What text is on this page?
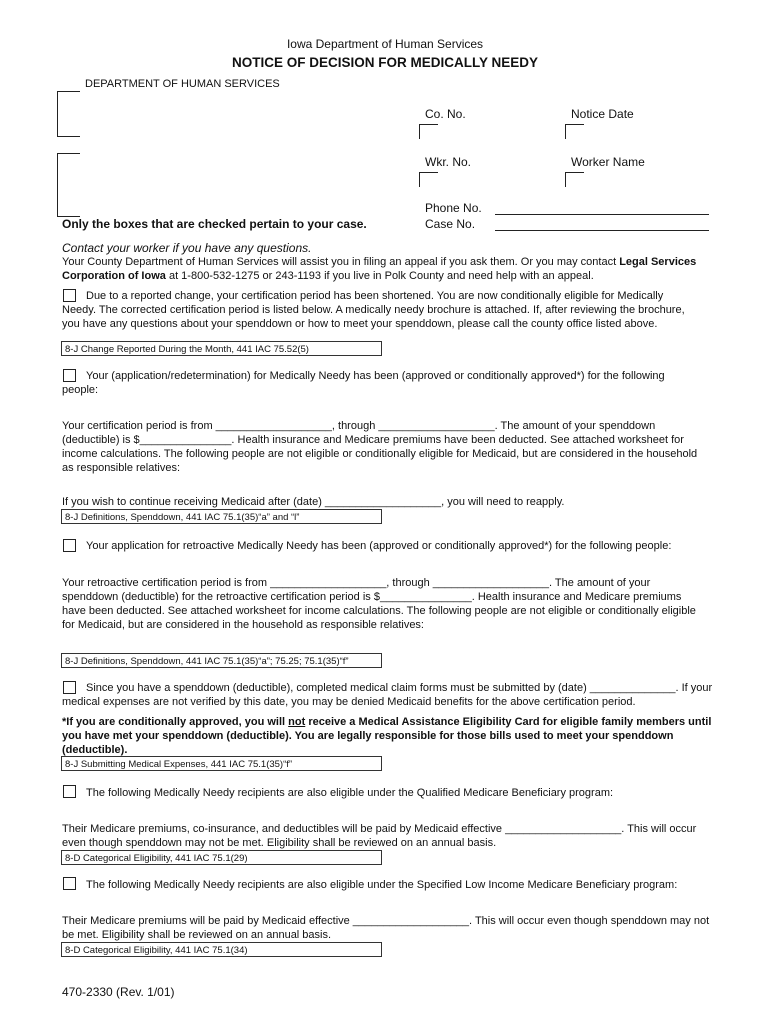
Iowa Department of Human Services
NOTICE OF DECISION FOR MEDICALLY NEEDY
DEPARTMENT OF HUMAN SERVICES
Co. No.	Notice Date
Wkr. No.	Worker Name
Phone No.
Case No.
Only the boxes that are checked pertain to your case.
Contact your worker if you have any questions.
Your County Department of Human Services will assist you in filing an appeal if you ask them. Or you may contact Legal Services Corporation of Iowa at 1-800-532-1275 or 243-1193 if you live in Polk County and need help with an appeal.
Due to a reported change, your certification period has been shortened. You are now conditionally eligible for Medically Needy. The corrected certification period is listed below. A medically needy brochure is attached. If, after reviewing the brochure, you have any questions about your spenddown or how to meet your spenddown, please call the county office listed above.
8-J Change Reported During the Month, 441 IAC 75.52(5)
Your (application/redetermination) for Medically Needy has been (approved or conditionally approved*) for the following people:
Your certification period is from ___________________, through ___________________. The amount of your spenddown (deductible) is $_______________. Health insurance and Medicare premiums have been deducted. See attached worksheet for income calculations. The following people are not eligible or conditionally eligible for Medicaid, but are considered in the household as responsible relatives:
If you wish to continue receiving Medicaid after (date) ___________________, you will need to reapply.
8-J Definitions, Spenddown, 441 IAC 75.1(35)“a” and “l”
Your application for retroactive Medically Needy has been (approved or conditionally approved*) for the following people:
Your retroactive certification period is from ___________________, through ___________________. The amount of your spenddown (deductible) for the retroactive certification period is $_______________. Health insurance and Medicare premiums have been deducted. See attached worksheet for income calculations. The following people are not eligible or conditionally eligible for Medicaid, but are considered in the household as responsible relatives:
8-J Definitions, Spenddown, 441 IAC 75.1(35)“a”; 75.25; 75.1(35)“f”
Since you have a spenddown (deductible), completed medical claim forms must be submitted by (date) ______________. If your medical expenses are not verified by this date, you may be denied Medicaid benefits for the above certification period.
*If you are conditionally approved, you will not receive a Medical Assistance Eligibility Card for eligible family members until you have met your spenddown (deductible). You are legally responsible for those bills used to meet your spenddown (deductible).
8-J Submitting Medical Expenses, 441 IAC 75.1(35)“f”
The following Medically Needy recipients are also eligible under the Qualified Medicare Beneficiary program:
Their Medicare premiums, co-insurance, and deductibles will be paid by Medicaid effective ___________________. This will occur even though spenddown may not be met. Eligibility shall be reviewed on an annual basis.
8-D Categorical Eligibility, 441 IAC 75.1(29)
The following Medically Needy recipients are also eligible under the Specified Low Income Medicare Beneficiary program:
Their Medicare premiums will be paid by Medicaid effective ___________________. This will occur even though spenddown may not be met. Eligibility shall be reviewed on an annual basis.
8-D Categorical Eligibility, 441 IAC 75.1(34)
470-2330 (Rev. 1/01)
